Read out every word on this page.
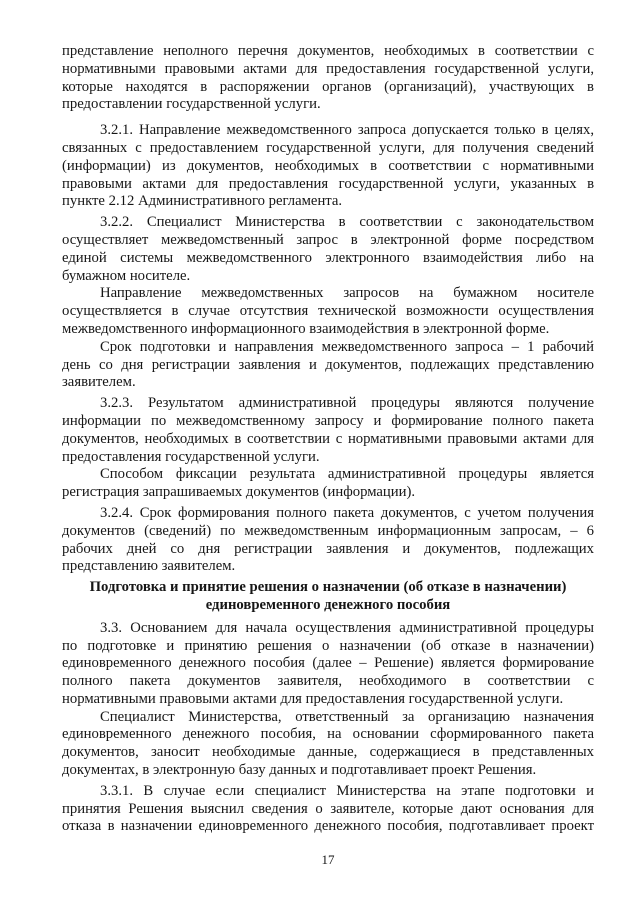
представление неполного перечня документов, необходимых в соответствии с
нормативными правовыми актами для предоставления государственной услуги,
которые находятся в распоряжении органов (организаций), участвующих в
предоставлении государственной услуги.
3.2.1. Направление межведомственного запроса допускается только в целях,
связанных с предоставлением государственной услуги, для получения сведений
(информации) из документов, необходимых в соответствии с нормативными
правовыми актами для предоставления государственной услуги, указанных в
пункте 2.12 Административного регламента.
3.2.2. Специалист Министерства в соответствии с законодательством
осуществляет межведомственный запрос в электронной форме посредством
единой системы межведомственного электронного взаимодействия либо на
бумажном носителе.
Направление межведомственных запросов на бумажном носителе
осуществляется в случае отсутствия технической возможности осуществления
межведомственного информационного взаимодействия в электронной форме.
Срок подготовки и направления межведомственного запроса – 1 рабочий
день со дня регистрации заявления и документов, подлежащих представлению
заявителем.
3.2.3. Результатом административной процедуры являются получение
информации по межведомственному запросу и формирование полного пакета
документов, необходимых в соответствии с нормативными правовыми актами для
предоставления государственной услуги.
Способом фиксации результата административной процедуры является
регистрация запрашиваемых документов (информации).
3.2.4. Срок формирования полного пакета документов, с учетом получения
документов (сведений) по межведомственным информационным запросам, – 6
рабочих дней со дня регистрации заявления и документов, подлежащих
представлению заявителем.
Подготовка и принятие решения о назначении (об отказе в назначении)
единовременного денежного пособия
3.3. Основанием для начала осуществления административной процедуры
по подготовке и принятию решения о назначении (об отказе в назначении)
единовременного денежного пособия (далее – Решение) является формирование
полного пакета документов заявителя, необходимого в соответствии с
нормативными правовыми актами для предоставления государственной услуги.
Специалист Министерства, ответственный за организацию назначения
единовременного денежного пособия, на основании сформированного пакета
документов, заносит необходимые данные, содержащиеся в представленных
документах, в электронную базу данных и подготавливает проект Решения.
3.3.1. В случае если специалист Министерства на этапе подготовки и
принятия Решения выяснил сведения о заявителе, которые дают основания для
отказа в назначении единовременного денежного пособия, подготавливает проект
17
